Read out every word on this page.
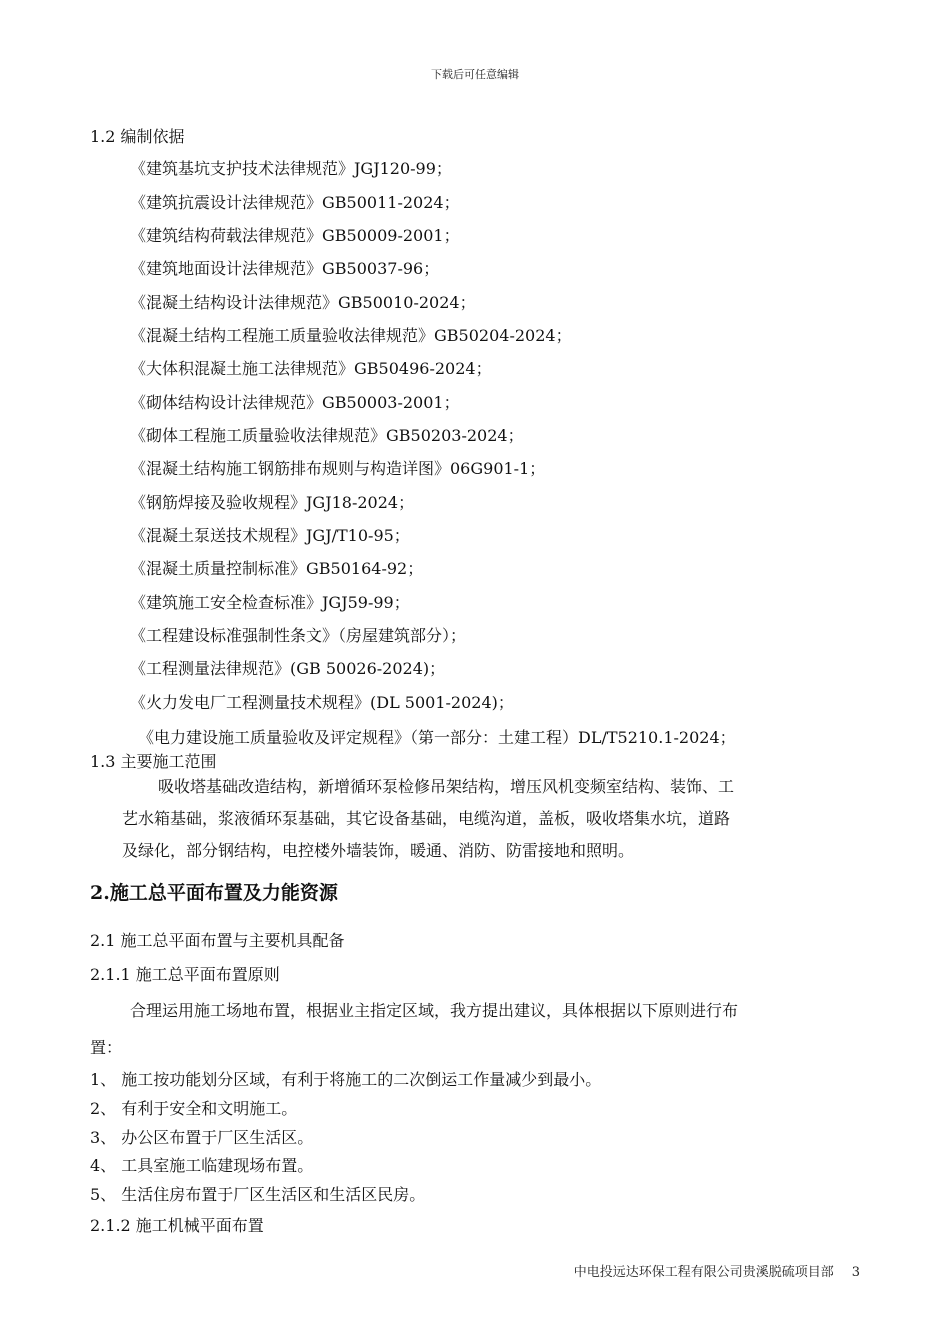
下载后可任意编辑
1.2 编制依据
《建筑基坑支护技术法律规范》JGJ120-99；
《建筑抗震设计法律规范》GB50011-2024；
《建筑结构荷载法律规范》GB50009-2001；
《建筑地面设计法律规范》GB50037-96；
《混凝土结构设计法律规范》GB50010-2024；
《混凝土结构工程施工质量验收法律规范》GB50204-2024；
《大体积混凝土施工法律规范》GB50496-2024；
《砌体结构设计法律规范》GB50003-2001；
《砌体工程施工质量验收法律规范》GB50203-2024；
《混凝土结构施工钢筋排布规则与构造详图》06G901-1；
《钢筋焊接及验收规程》JGJ18-2024；
《混凝土泵送技术规程》JGJ/T10-95；
《混凝土质量控制标准》GB50164-92；
《建筑施工安全检查标准》JGJ59-99；
《工程建设标准强制性条文》（房屋建筑部分）；
《工程测量法律规范》(GB 50026-2024)；
《火力发电厂工程测量技术规程》(DL 5001-2024)；
《电力建设施工质量验收及评定规程》（第一部分：土建工程）DL/T5210.1-2024；
1.3 主要施工范围
吸收塔基础改造结构，新增循环泵检修吊架结构，增压风机变频室结构、装饰、工
艺水箱基础，浆液循环泵基础，其它设备基础，电缆沟道，盖板，吸收塔集水坑，道路
及绿化，部分钢结构，电控楼外墙装饰，暖通、消防、防雷接地和照明。
2.施工总平面布置及力能资源
2.1 施工总平面布置与主要机具配备
2.1.1 施工总平面布置原则
合理运用施工场地布置，根据业主指定区域，我方提出建议，具体根据以下原则进行布
置：
1、 施工按功能划分区域，有利于将施工的二次倒运工作量减少到最小。
2、 有利于安全和文明施工。
3、 办公区布置于厂区生活区。
4、 工具室施工临建现场布置。
5、 生活住房布置于厂区生活区和生活区民房。
2.1.2 施工机械平面布置
中电投远达环保工程有限公司贵溪脱硫项目部 3
